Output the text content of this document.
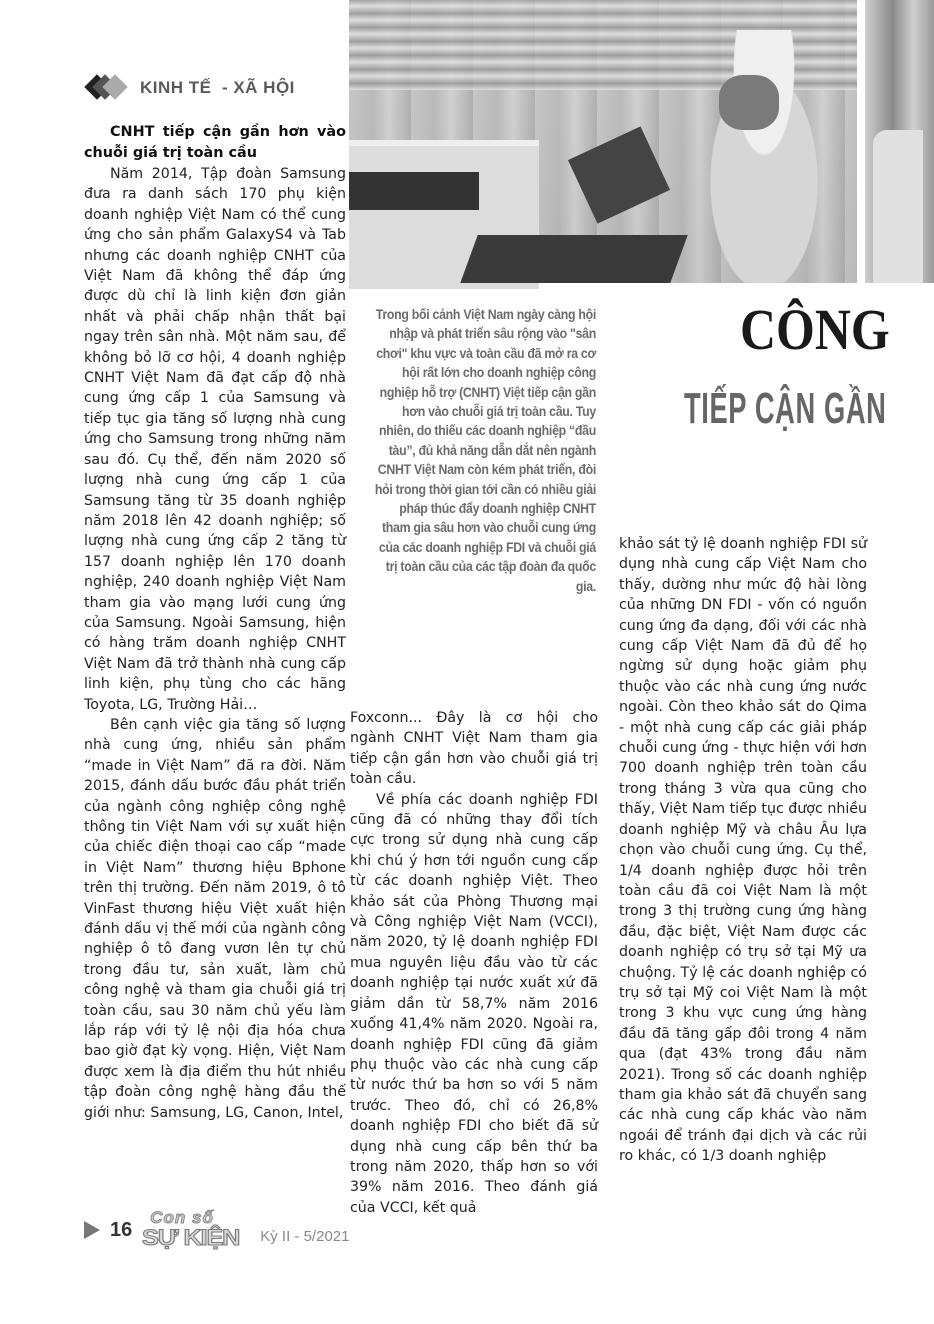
KINH TẾ  - XÃ HỘI

CNHT tiếp cận gần hơn vào chuỗi giá trị toàn cầu

Năm 2014, Tập đoàn Samsung đưa ra danh sách 170 phụ kiện doanh nghiệp Việt Nam có thể cung ứng cho sản phẩm GalaxyS4 và Tab nhưng các doanh nghiệp CNHT của Việt Nam đã không thể đáp ứng được dù chỉ là linh kiện đơn giản nhất và phải chấp nhận thất bại ngay trên sân nhà. Một năm sau, để không bỏ lỡ cơ hội, 4 doanh nghiệp CNHT Việt Nam đã đạt cấp độ nhà cung ứng cấp 1 của Samsung và tiếp tục gia tăng số lượng nhà cung ứng cho Samsung trong những năm sau đó. Cụ thể, đến năm 2020 số lượng nhà cung ứng cấp 1 của Samsung tăng từ 35 doanh nghiệp năm 2018 lên 42 doanh nghiệp; số lượng nhà cung ứng cấp 2 tăng từ 157 doanh nghiệp lên 170 doanh nghiệp, 240 doanh nghiệp Việt Nam tham gia vào mạng lưới cung ứng của Samsung. Ngoài Samsung, hiện có hàng trăm doanh nghiệp CNHT Việt Nam đã trở thành nhà cung cấp linh kiện, phụ tùng cho các hãng Toyota, LG, Trường Hải…

Bên cạnh việc gia tăng số lượng nhà cung ứng, nhiều sản phẩm “made in Việt Nam” đã ra đời. Năm 2015, đánh dấu bước đầu phát triển của ngành công nghiệp công nghệ thông tin Việt Nam với sự xuất hiện của chiếc điện thoại cao cấp “made in Việt Nam” thương hiệu Bphone trên thị trường. Đến năm 2019, ô tô VinFast thương hiệu Việt xuất hiện đánh dấu vị thế mới của ngành công nghiệp ô tô đang vươn lên tự chủ trong đầu tư, sản xuất, làm chủ công nghệ và tham gia chuỗi giá trị toàn cầu, sau 30 năm chủ yếu làm lắp ráp với tỷ lệ nội địa hóa chưa bao giờ đạt kỳ vọng. Hiện, Việt Nam được xem là địa điểm thu hút nhiều tập đoàn công nghệ hàng đầu thế giới như: Samsung, LG, Canon, Intel,

Trong bối cảnh Việt Nam ngày càng hội nhập và phát triển sâu rộng vào "sân chơi" khu vực và toàn cầu đã mở ra cơ hội rất lớn cho doanh nghiệp công nghiệp hỗ trợ (CNHT) Việt tiếp cận gần hơn vào chuỗi giá trị toàn cầu. Tuy nhiên, do thiếu các doanh nghiệp “đầu tàu”, đủ khả năng dẫn dắt nên ngành CNHT Việt Nam còn kém phát triển, đòi hỏi trong thời gian tới cần có nhiều giải pháp thúc đẩy doanh nghiệp CNHT tham gia sâu hơn vào chuỗi cung ứng của các doanh nghiệp FDI và chuỗi giá trị toàn cầu của các tập đoàn đa quốc gia.
CÔNG
TIẾP CẬN GẦN

Foxconn... Đây là cơ hội cho ngành CNHT Việt Nam tham gia tiếp cận gần hơn vào chuỗi giá trị toàn cầu.

Về phía các doanh nghiệp FDI cũng đã có những thay đổi tích cực trong sử dụng nhà cung cấp khi chú ý hơn tới nguồn cung cấp từ các doanh nghiệp Việt. Theo khảo sát của Phòng Thương mại và Công nghiệp Việt Nam (VCCI), năm 2020, tỷ lệ doanh nghiệp FDI mua nguyên liệu đầu vào từ các doanh nghiệp tại nước xuất xứ đã giảm dần từ 58,7% năm 2016 xuống 41,4% năm 2020. Ngoài ra, doanh nghiệp FDI cũng đã giảm phụ thuộc vào các nhà cung cấp từ nước thứ ba hơn so với 5 năm trước. Theo đó, chỉ có 26,8% doanh nghiệp FDI cho biết đã sử dụng nhà cung cấp bên thứ ba trong năm 2020, thấp hơn so với 39% năm 2016. Theo đánh giá của VCCI, kết quả

khảo sát tỷ lệ doanh nghiệp FDI sử dụng nhà cung cấp Việt Nam cho thấy, dường như mức độ hài lòng của những DN FDI - vốn có nguồn cung ứng đa dạng, đối với các nhà cung cấp Việt Nam đã đủ để họ ngừng sử dụng hoặc giảm phụ thuộc vào các nhà cung ứng nước ngoài. Còn theo khảo sát do Qima - một nhà cung cấp các giải pháp chuỗi cung ứng - thực hiện với hơn 700 doanh nghiệp trên toàn cầu trong tháng 3 vừa qua cũng cho thấy, Việt Nam tiếp tục được nhiều doanh nghiệp Mỹ và châu Âu lựa chọn vào chuỗi cung ứng. Cụ thể, 1/4 doanh nghiệp được hỏi trên toàn cầu đã coi Việt Nam là một trong 3 thị trường cung ứng hàng đầu, đặc biệt, Việt Nam được các doanh nghiệp có trụ sở tại Mỹ ưa chuộng. Tỷ lệ các doanh nghiệp có trụ sở tại Mỹ coi Việt Nam là một trong 3 khu vực cung ứng hàng đầu đã tăng gấp đôi trong 4 năm qua (đạt 43% trong đầu năm 2021). Trong số các doanh nghiệp tham gia khảo sát đã chuyển sang các nhà cung cấp khác vào năm ngoái để tránh đại dịch và các rủi ro khác, có 1/3 doanh nghiệp

16
Con số
SỰ KIỆN Kỳ II - 5/2021
